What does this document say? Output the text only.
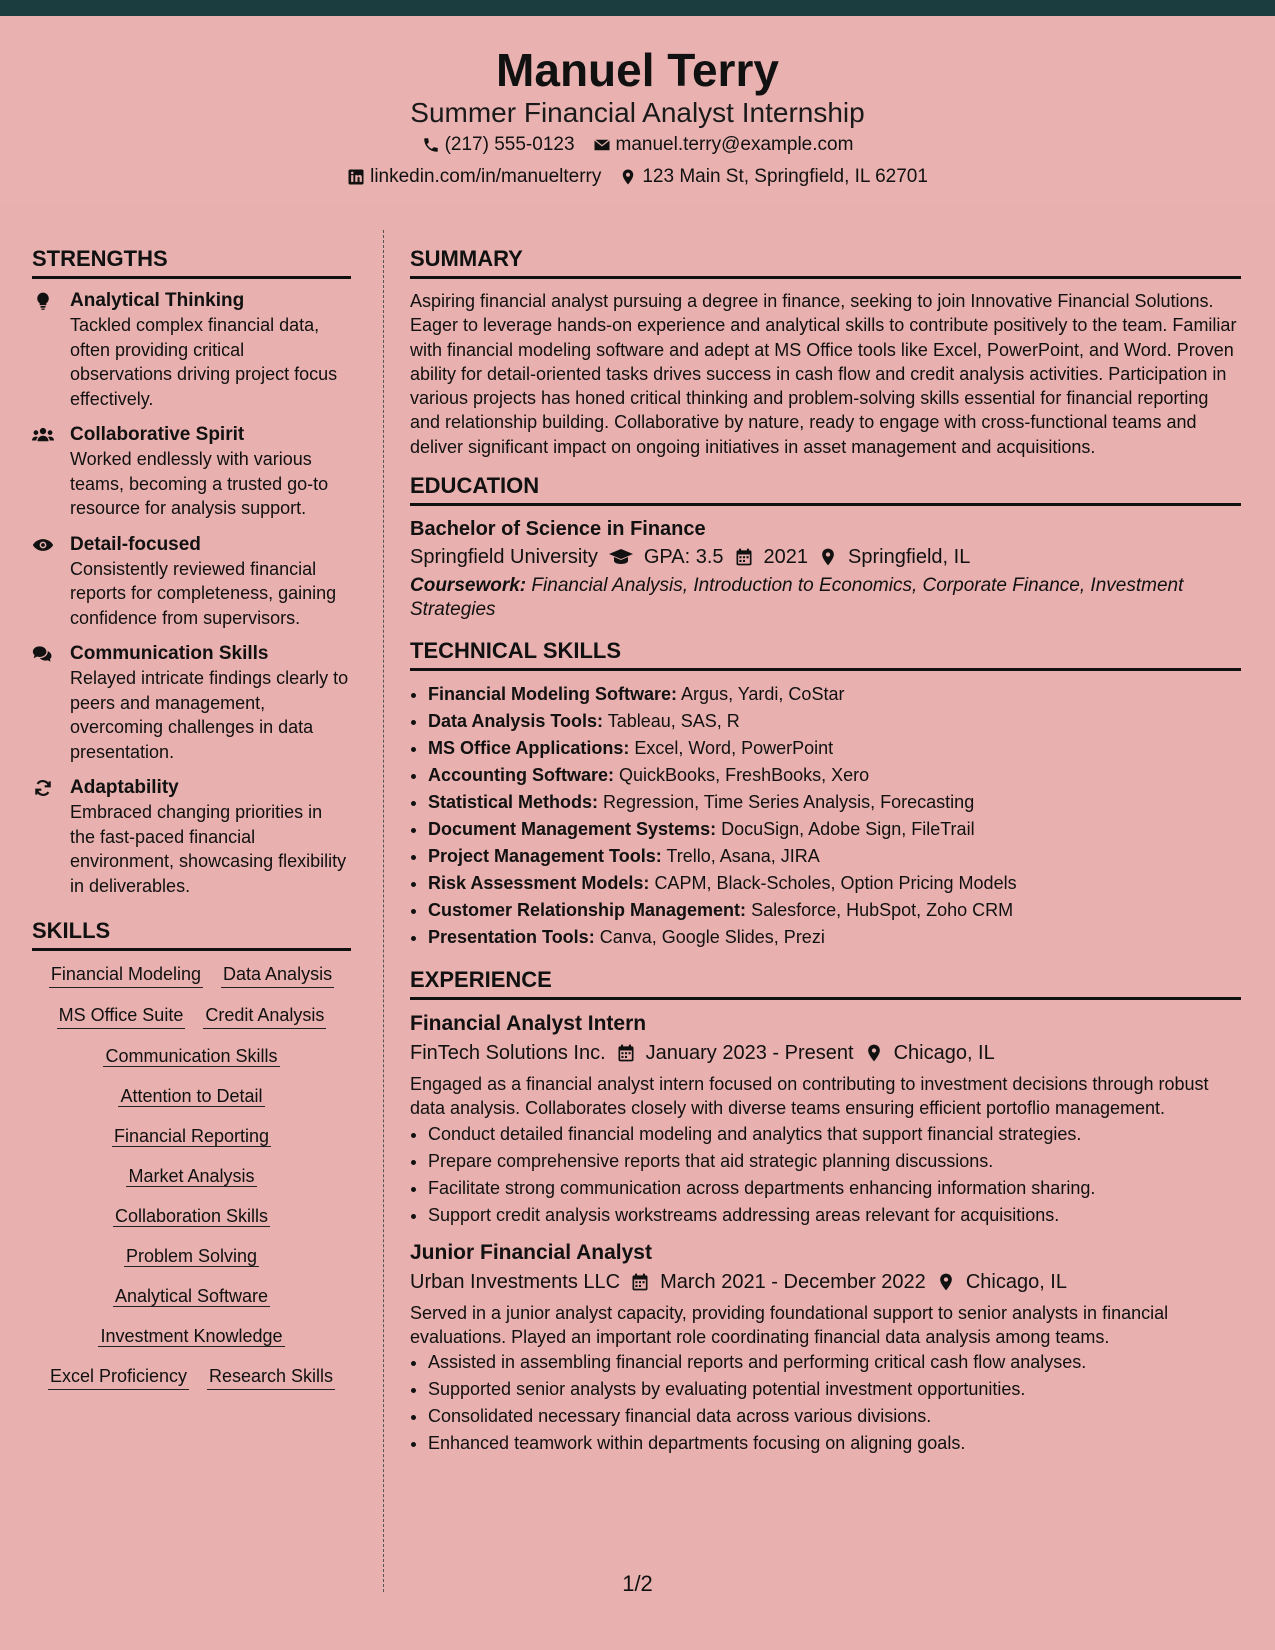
Manuel Terry
Summer Financial Analyst Internship
(217) 555-0123 manuel.terry@example.com
linkedin.com/in/manuelterry 123 Main St, Springfield, IL 62701
STRENGTHS
Analytical Thinking
Tackled complex financial data, often providing critical observations driving project focus effectively.
Collaborative Spirit
Worked endlessly with various teams, becoming a trusted go-to resource for analysis support.
Detail-focused
Consistently reviewed financial reports for completeness, gaining confidence from supervisors.
Communication Skills
Relayed intricate findings clearly to peers and management, overcoming challenges in data presentation.
Adaptability
Embraced changing priorities in the fast-paced financial environment, showcasing flexibility in deliverables.
SKILLS
Financial Modeling Data Analysis
MS Office Suite Credit Analysis
Communication Skills
Attention to Detail
Financial Reporting
Market Analysis
Collaboration Skills
Problem Solving
Analytical Software
Investment Knowledge
Excel Proficiency Research Skills
SUMMARY
Aspiring financial analyst pursuing a degree in finance, seeking to join Innovative Financial Solutions. Eager to leverage hands-on experience and analytical skills to contribute positively to the team. Familiar with financial modeling software and adept at MS Office tools like Excel, PowerPoint, and Word. Proven ability for detail-oriented tasks drives success in cash flow and credit analysis activities. Participation in various projects has honed critical thinking and problem-solving skills essential for financial reporting and relationship building. Collaborative by nature, ready to engage with cross-functional teams and deliver significant impact on ongoing initiatives in asset management and acquisitions.
EDUCATION
Bachelor of Science in Finance
Springfield University GPA: 3.5 2021 Springfield, IL
Coursework: Financial Analysis, Introduction to Economics, Corporate Finance, Investment Strategies
TECHNICAL SKILLS
• Financial Modeling Software: Argus, Yardi, CoStar
• Data Analysis Tools: Tableau, SAS, R
• MS Office Applications: Excel, Word, PowerPoint
• Accounting Software: QuickBooks, FreshBooks, Xero
• Statistical Methods: Regression, Time Series Analysis, Forecasting
• Document Management Systems: DocuSign, Adobe Sign, FileTrail
• Project Management Tools: Trello, Asana, JIRA
• Risk Assessment Models: CAPM, Black-Scholes, Option Pricing Models
• Customer Relationship Management: Salesforce, HubSpot, Zoho CRM
• Presentation Tools: Canva, Google Slides, Prezi
EXPERIENCE
Financial Analyst Intern
FinTech Solutions Inc. January 2023 - Present Chicago, IL
Engaged as a financial analyst intern focused on contributing to investment decisions through robust data analysis. Collaborates closely with diverse teams ensuring efficient portoflio management.
• Conduct detailed financial modeling and analytics that support financial strategies.
• Prepare comprehensive reports that aid strategic planning discussions.
• Facilitate strong communication across departments enhancing information sharing.
• Support credit analysis workstreams addressing areas relevant for acquisitions.
Junior Financial Analyst
Urban Investments LLC March 2021 - December 2022 Chicago, IL
Served in a junior analyst capacity, providing foundational support to senior analysts in financial evaluations. Played an important role coordinating financial data analysis among teams.
• Assisted in assembling financial reports and performing critical cash flow analyses.
• Supported senior analysts by evaluating potential investment opportunities.
• Consolidated necessary financial data across various divisions.
• Enhanced teamwork within departments focusing on aligning goals.
1/2
